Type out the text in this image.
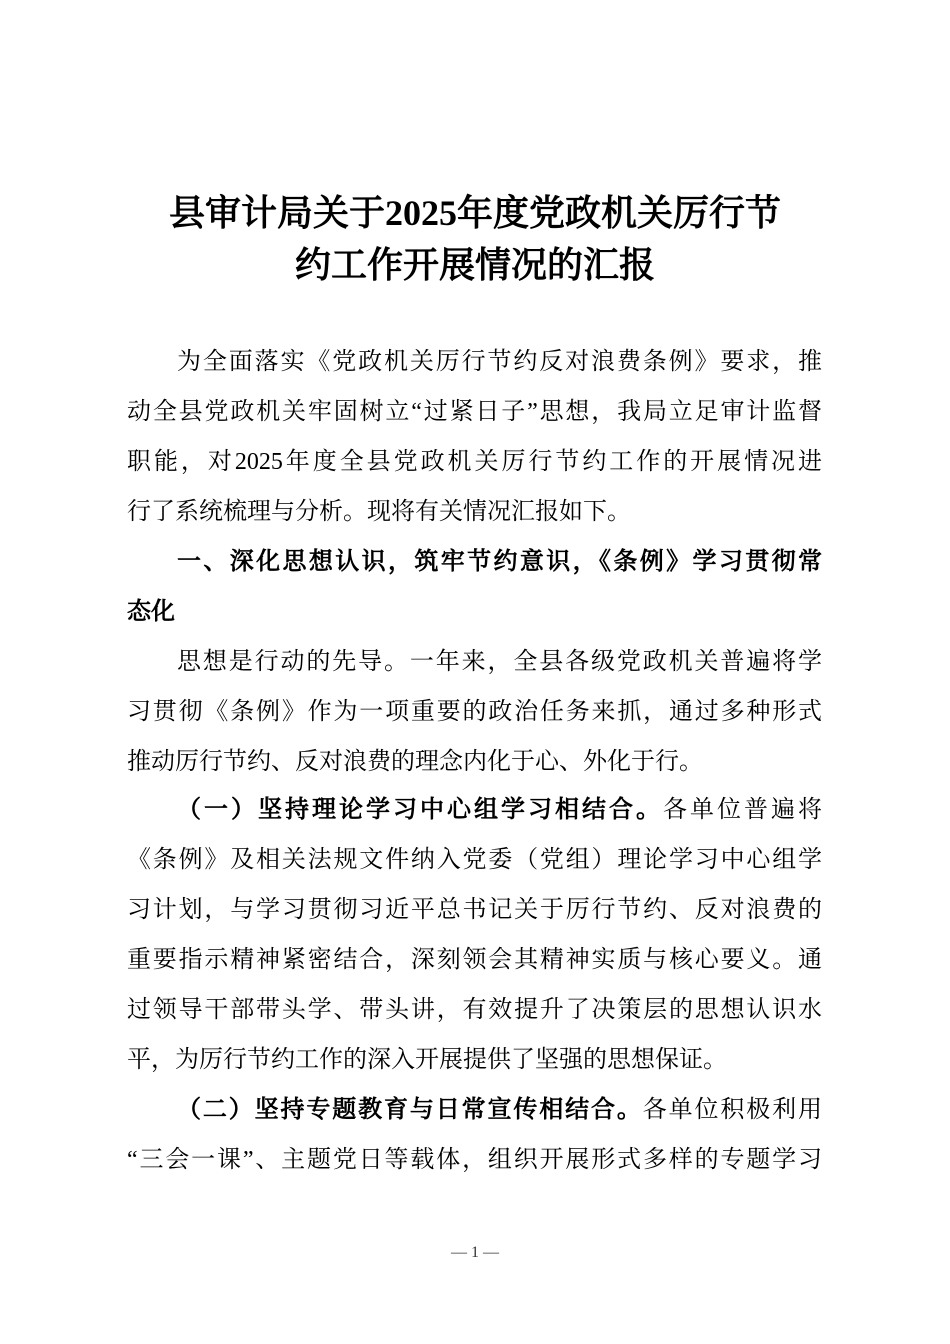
县审计局关于2025年度党政机关厉行节
约工作开展情况的汇报
为全面落实《党政机关厉行节约反对浪费条例》要求，推
动全县党政机关牢固树立“过紧日子”思想，我局立足审计监督
职能，对2025年度全县党政机关厉行节约工作的开展情况进
行了系统梳理与分析。现将有关情况汇报如下。
一、深化思想认识，筑牢节约意识，《条例》学习贯彻常
态化
思想是行动的先导。一年来，全县各级党政机关普遍将学
习贯彻《条例》作为一项重要的政治任务来抓，通过多种形式
推动厉行节约、反对浪费的理念内化于心、外化于行。
（一）坚持理论学习中心组学习相结合。各单位普遍将
《条例》及相关法规文件纳入党委（党组）理论学习中心组学
习计划，与学习贯彻习近平总书记关于厉行节约、反对浪费的
重要指示精神紧密结合，深刻领会其精神实质与核心要义。通
过领导干部带头学、带头讲，有效提升了决策层的思想认识水
平，为厉行节约工作的深入开展提供了坚强的思想保证。
（二）坚持专题教育与日常宣传相结合。各单位积极利用
“三会一课”、主题党日等载体，组织开展形式多样的专题学习
— 1 —
